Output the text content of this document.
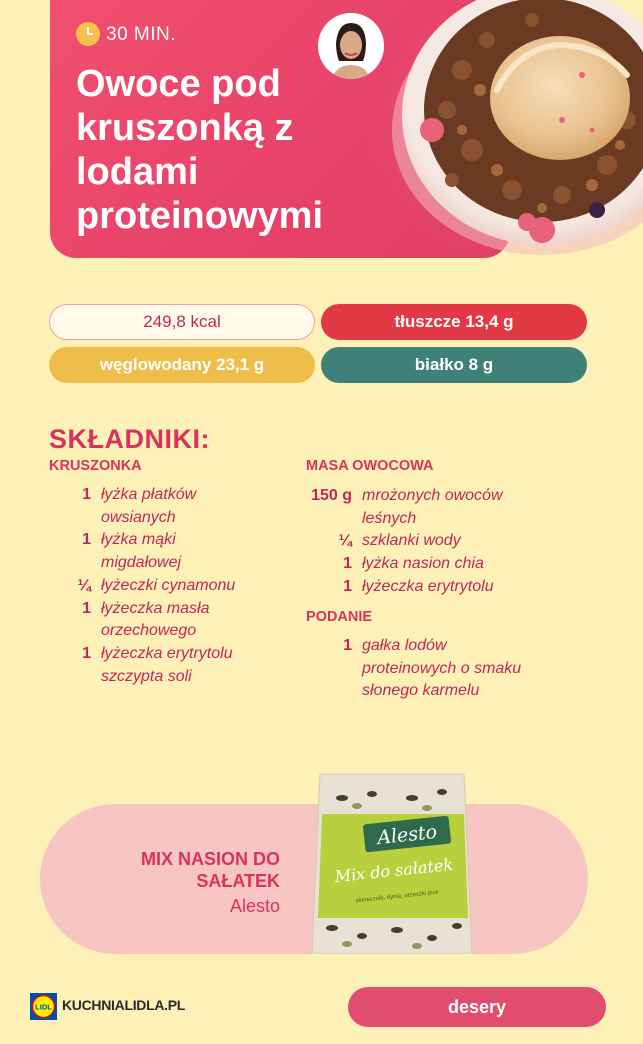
30 MIN.
Owoce pod kruszonką z lodami proteinowymi
249,8 kcal	tłuszcze 13,4 g
węglowodany 23,1 g	białko 8 g
SKŁADNIKI:
KRUSZONKA
1 łyżka płatków
owsianych
1 łyżka mąki
migdałowej
¼ łyżeczki cynamonu
1 łyżeczka masła
orzechowego
1 łyżeczka erytrytolu
szczypta soli
MASA OWOCOWA
150 g mrożonych owoców
leśnych
¼ szklanki wody
1 łyżka nasion chia
1 łyżeczka erytrytolu
PODANIE
1 gałka lodów
proteinowych o smaku
słonego karmelu
MIX NASION DO SAŁATEK
Alesto
Alesto
Mix do sałatek
słonecznik, dynia, orzeszki pinii
LIDL KUCHNIALIDLA.PL	desery
